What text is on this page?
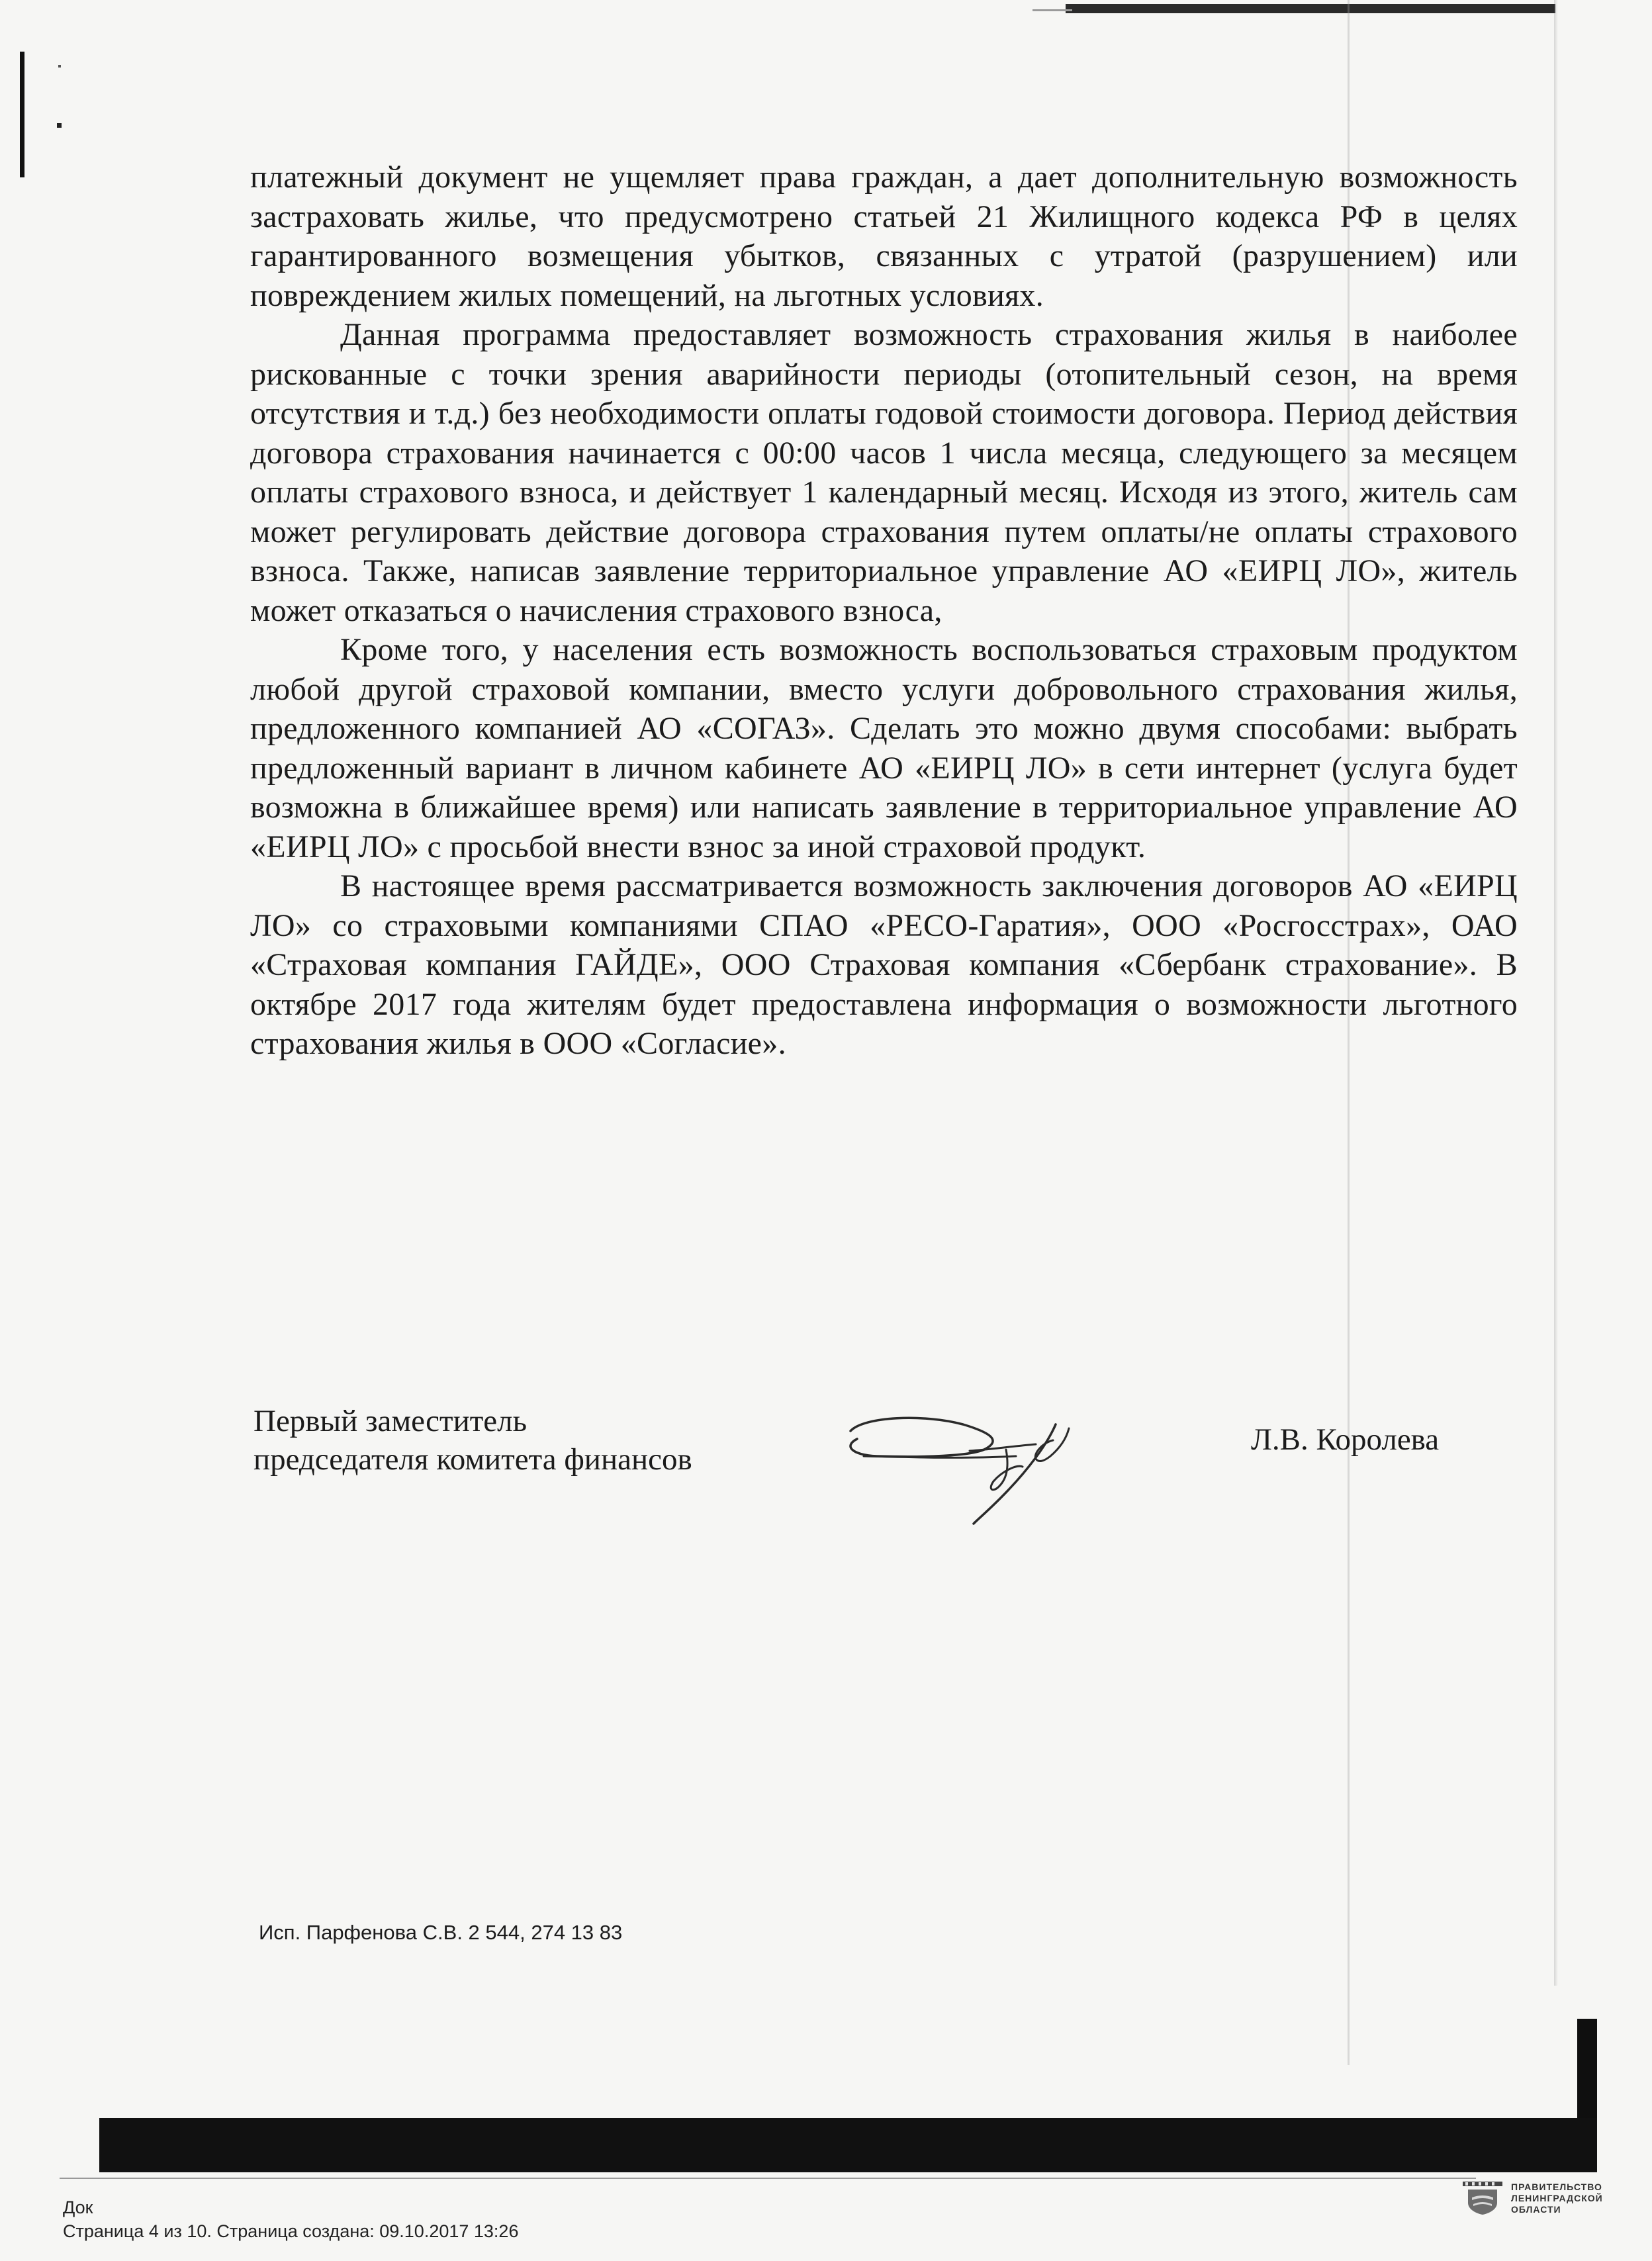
платежный документ не ущемляет права граждан, а дает дополнительную возможность застраховать жилье, что предусмотрено статьей 21 Жилищного кодекса РФ в целях гарантированного возмещения убытков, связанных с утратой (разрушением) или повреждением жилых помещений, на льготных условиях.

Данная программа предоставляет возможность страхования жилья в наиболее рискованные с точки зрения аварийности периоды (отопительный сезон, на время отсутствия и т.д.) без необходимости оплаты годовой стоимости договора. Период действия договора страхования начинается с 00:00 часов 1 числа месяца, следующего за месяцем оплаты страхового взноса, и действует 1 календарный месяц. Исходя из этого, житель сам может регулировать действие договора страхования путем оплаты/не оплаты страхового взноса. Также, написав заявление территориальное управление АО «ЕИРЦ ЛО», житель может отказаться о начисления страхового взноса,

Кроме того, у населения есть возможность воспользоваться страховым продуктом любой другой страховой компании, вместо услуги добровольного страхования жилья, предложенного компанией АО «СОГАЗ». Сделать это можно двумя способами: выбрать предложенный вариант в личном кабинете АО «ЕИРЦ ЛО» в сети интернет (услуга будет возможна в ближайшее время) или написать заявление в территориальное управление АО «ЕИРЦ ЛО» с просьбой внести взнос за иной страховой продукт.

В настоящее время рассматривается возможность заключения договоров АО «ЕИРЦ ЛО» со страховыми компаниями СПАО «РЕСО-Гаратия», ООО «Росгосстрах», ОАО «Страховая компания ГАЙДЕ», ООО Страховая компания «Сбербанк страхование». В октябре 2017 года жителям будет предоставлена информация о возможности льготного страхования жилья в ООО «Согласие».

Первый заместитель
председателя комитета финансов
Л.В. Королева
Исп. Парфенова С.В. 2 544, 274 13 83
Док
Страница 4 из 10. Страница создана: 09.10.2017 13:26
ПРАВИТЕЛЬСТВО
ЛЕНИНГРАДСКОЙ
ОБЛАСТИ
